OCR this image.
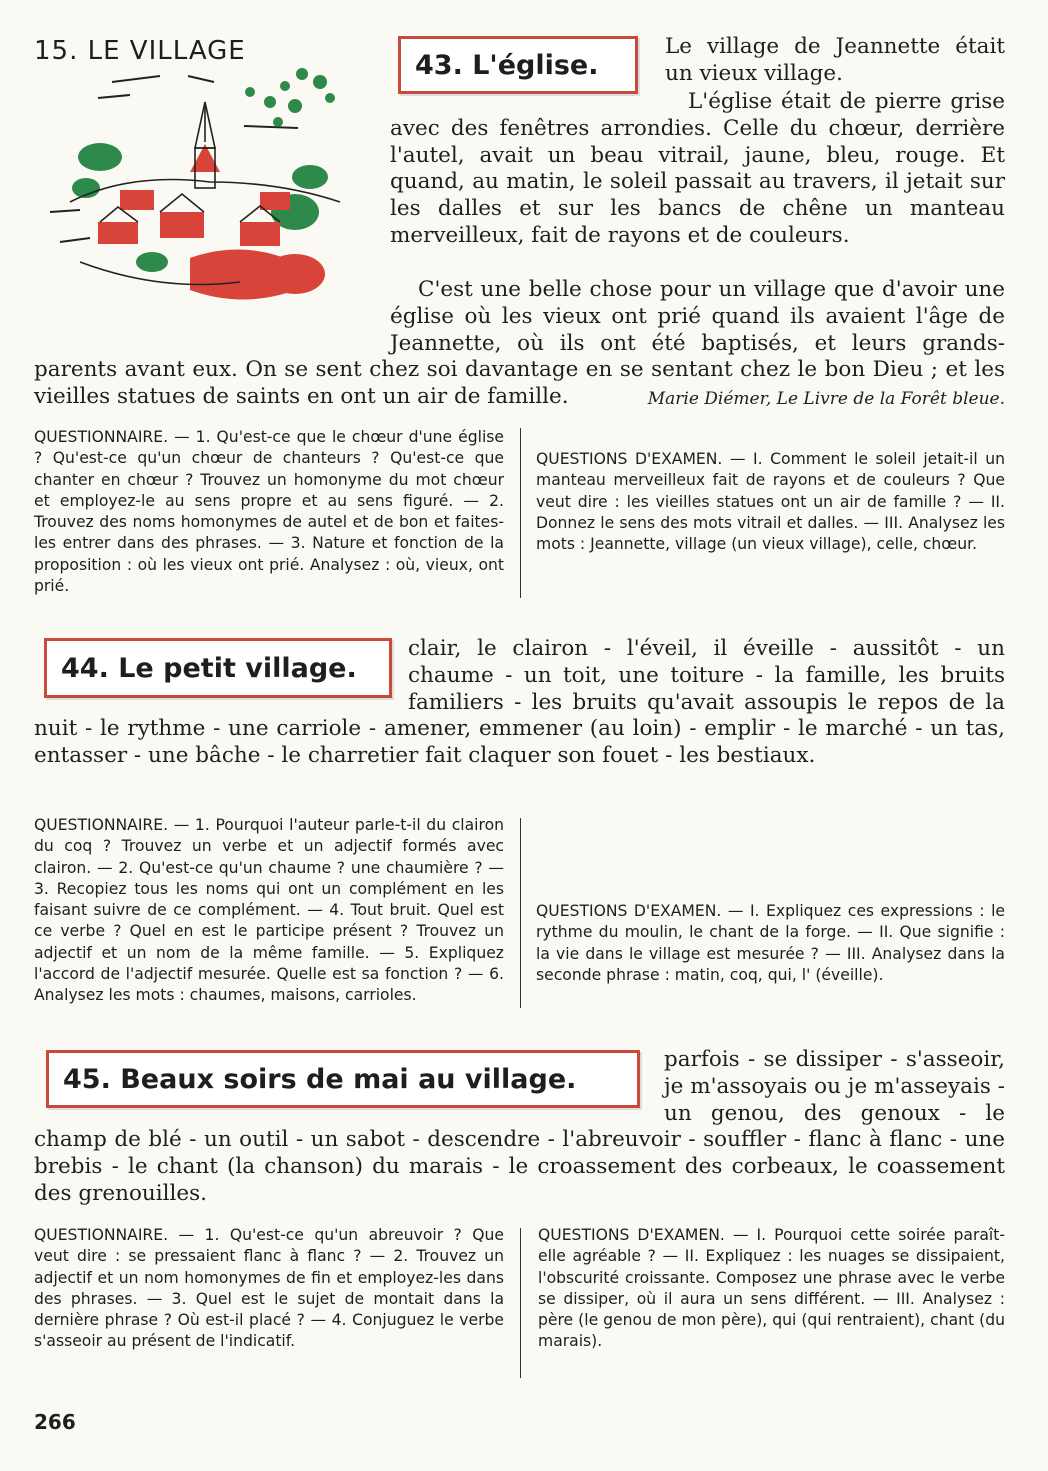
15. LE VILLAGE	43. L'église.
Le village de Jeannette était un vieux village.
L'église était de pierre grise avec des fenêtres arrondies. Celle du chœur, derrière l'autel, avait un beau vitrail, jaune, bleu, rouge. Et quand, au matin, le soleil passait au travers, il jetait sur les dalles et sur les bancs de chêne un manteau merveilleux, fait de rayons et de couleurs.
C'est une belle chose pour un village que d'avoir une église où les vieux ont prié quand ils avaient l'âge de Jeannette, où ils ont été baptisés, et leurs grands-parents avant eux. On se sent chez soi davantage en se sentant chez le bon Dieu ; et les vieilles statues de saints en ont un air de famille.	Marie Diémer, Le Livre de la Forêt bleue.
QUESTIONNAIRE. — 1. Qu'est-ce que le chœur d'une église ? Qu'est-ce qu'un chœur de chanteurs ? Qu'est-ce que chanter en chœur ? Trouvez un homonyme du mot chœur et employez-le au sens propre et au sens figuré. — 2. Trouvez des noms homonymes de autel et de bon et faites-les entrer dans des phrases. — 3. Nature et fonction de la proposition : où les vieux ont prié. Analysez : où, vieux, ont prié.
QUESTIONS D'EXAMEN. — I. Comment le soleil jetait-il un manteau merveilleux fait de rayons et de couleurs ? Que veut dire : les vieilles statues ont un air de famille ? — II. Donnez le sens des mots vitrail et dalles. — III. Analysez les mots : Jeannette, village (un vieux village), celle, chœur.
44. Le petit village.
clair, le clairon - l'éveil, il éveille - aussitôt - un chaume - un toit, une toiture - la famille, les bruits familiers - les bruits qu'avait assoupis le repos de la nuit - le rythme - une carriole - amener, emmener (au loin) - emplir - le marché - un tas, entasser - une bâche - le charretier fait claquer son fouet - les bestiaux.
QUESTIONNAIRE. — 1. Pourquoi l'auteur parle-t-il du clairon du coq ? Trouvez un verbe et un adjectif formés avec clairon. — 2. Qu'est-ce qu'un chaume ? une chaumière ? — 3. Recopiez tous les noms qui ont un complément en les faisant suivre de ce complément. — 4. Tout bruit. Quel est ce verbe ? Quel en est le participe présent ? Trouvez un adjectif et un nom de la même famille. — 5. Expliquez l'accord de l'adjectif mesurée. Quelle est sa fonction ? — 6. Analysez les mots : chaumes, maisons, carrioles.
QUESTIONS D'EXAMEN. — I. Expliquez ces expressions : le rythme du moulin, le chant de la forge. — II. Que signifie : la vie dans le village est mesurée ? — III. Analysez dans la seconde phrase : matin, coq, qui, l' (éveille).
45. Beaux soirs de mai au village.
parfois - se dissiper - s'asseoir, je m'assoyais ou je m'asseyais - un genou, des genoux - le champ de blé - un outil - un sabot - descendre - l'abreuvoir - souffler - flanc à flanc - une brebis - le chant (la chanson) du marais - le croassement des corbeaux, le coassement des grenouilles.
QUESTIONNAIRE. — 1. Qu'est-ce qu'un abreuvoir ? Que veut dire : se pressaient flanc à flanc ? — 2. Trouvez un adjectif et un nom homonymes de fin et employez-les dans des phrases. — 3. Quel est le sujet de montait dans la dernière phrase ? Où est-il placé ? — 4. Conjuguez le verbe s'asseoir au présent de l'indicatif.
QUESTIONS D'EXAMEN. — I. Pourquoi cette soirée paraît-elle agréable ? — II. Expliquez : les nuages se dissipaient, l'obscurité croissante. Composez une phrase avec le verbe se dissiper, où il aura un sens différent. — III. Analysez : père (le genou de mon père), qui (qui rentraient), chant (du marais).
266
